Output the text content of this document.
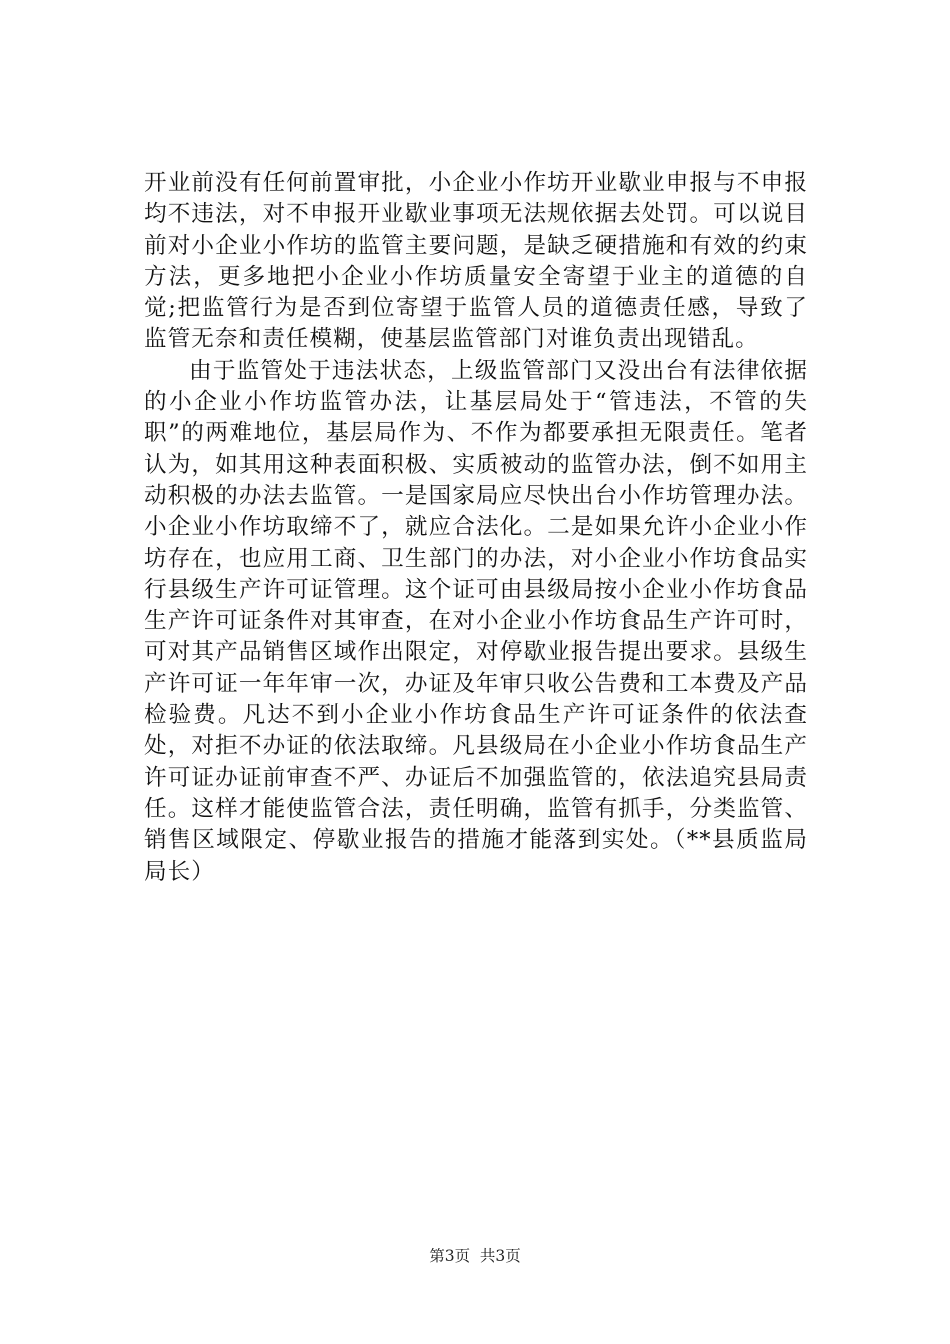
开业前没有任何前置审批，小企业小作坊开业歇业申报与不申报均不违法，对不申报开业歇业事项无法规依据去处罚。可以说目前对小企业小作坊的监管主要问题，是缺乏硬措施和有效的约束方法，更多地把小企业小作坊质量安全寄望于业主的道德的自觉;把监管行为是否到位寄望于监管人员的道德责任感，导致了监管无奈和责任模糊，使基层监管部门对谁负责出现错乱。

由于监管处于违法状态，上级监管部门又没出台有法律依据的小企业小作坊监管办法，让基层局处于“管违法，不管的失职”的两难地位，基层局作为、不作为都要承担无限责任。笔者认为，如其用这种表面积极、实质被动的监管办法，倒不如用主动积极的办法去监管。一是国家局应尽快出台小作坊管理办法。小企业小作坊取缔不了，就应合法化。二是如果允许小企业小作坊存在，也应用工商、卫生部门的办法，对小企业小作坊食品实行县级生产许可证管理。这个证可由县级局按小企业小作坊食品生产许可证条件对其审查，在对小企业小作坊食品生产许可时，可对其产品销售区域作出限定，对停歇业报告提出要求。县级生产许可证一年年审一次，办证及年审只收公告费和工本费及产品检验费。凡达不到小企业小作坊食品生产许可证条件的依法查处，对拒不办证的依法取缔。凡县级局在小企业小作坊食品生产许可证办证前审查不严、办证后不加强监管的，依法追究县局责任。这样才能使监管合法，责任明确，监管有抓手，分类监管、销售区域限定、停歇业报告的措施才能落到实处。（**县质监局局长）

第3页  共3页
